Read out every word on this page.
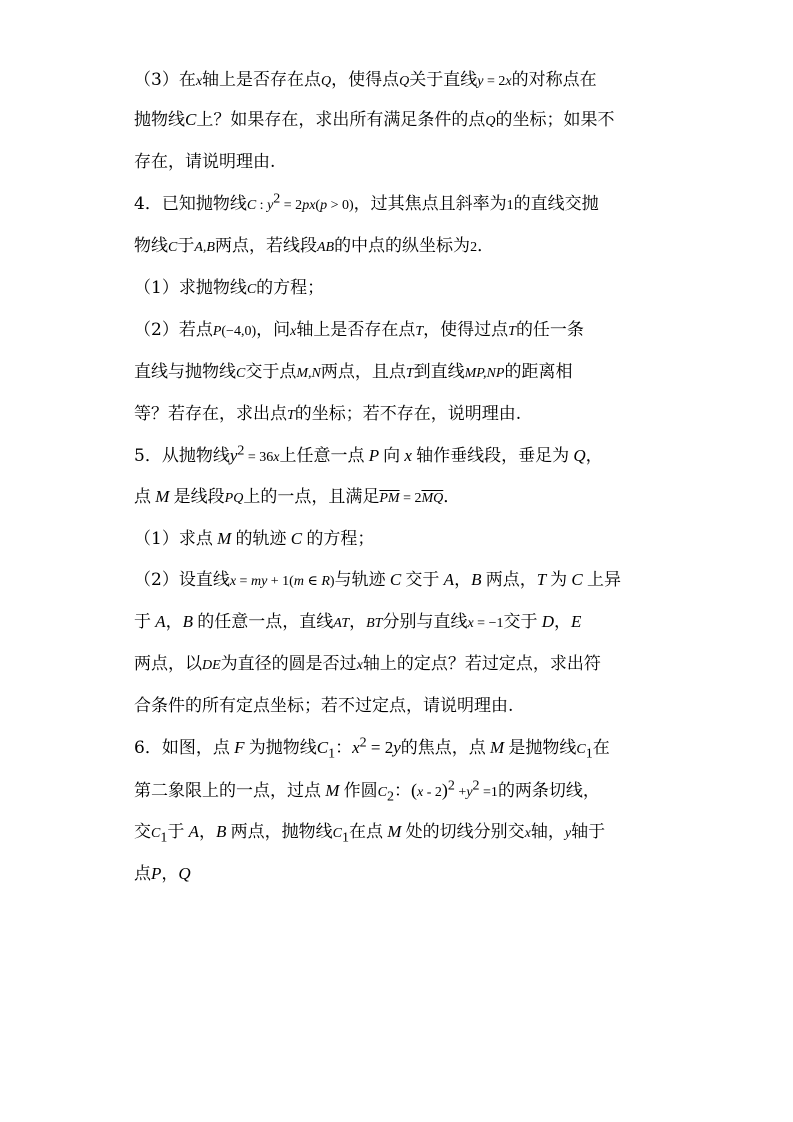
（3）在x轴上是否存在点Q，使得点Q关于直线y = 2x的对称点在
抛物线C上？如果存在，求出所有满足条件的点Q的坐标；如果不
存在，请说明理由.
4．已知抛物线C : $y^2 = 2px(p > 0)$，过其焦点且斜率为1的直线交抛
物线C于A,B两点，若线段AB的中点的纵坐标为2．
（1）求抛物线C的方程；
（2）若点P(−4,0)，问x轴上是否存在点T，使得过点T的任一条
直线与抛物线C交于点M,N两点，且点T到直线MP,NP的距离相
等？若存在，求出点T的坐标；若不存在，说明理由.
5．从抛物线$y^2 = 36x$上任意一点 P 向 x 轴作垂线段，垂足为 Q，
点 M 是线段PQ上的一点，且满足$\overline{PM} = 2\overline{MQ}$．
（1）求点 M 的轨迹 C 的方程；
（2）设直线x = my + 1(m ∈ R)与轨迹 C 交于 A，B 两点，T 为 C 上异
于 A，B 的任意一点，直线AT，BT分别与直线x = −1交于 D，E
两点，以DE为直径的圆是否过x轴上的定点？若过定点，求出符
合条件的所有定点坐标；若不过定点，请说明理由.
6．如图，点 F 为抛物线$C_1$：$x^2 = 2y$的焦点，点 M 是抛物线$C_1$在
第二象限上的一点，过点 M 作圆$C_2$：$(x - 2)^2 +y^2 =1$的两条切线，
交$C_1$于 A，B 两点，抛物线$C_1$在点 M 处的切线分别交x轴，y轴于
点P，Q
